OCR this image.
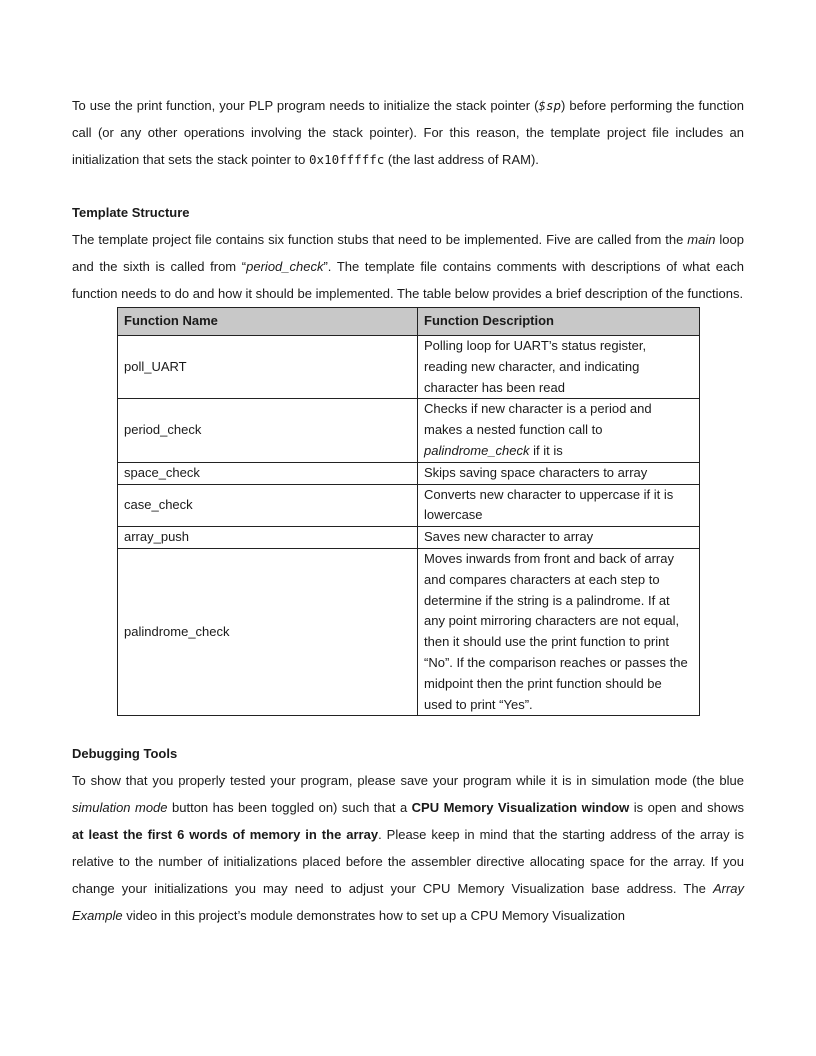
To use the print function, your PLP program needs to initialize the stack pointer ($sp) before performing the function call (or any other operations involving the stack pointer). For this reason, the template project file includes an initialization that sets the stack pointer to 0x10fffffc (the last address of RAM).

Template Structure

The template project file contains six function stubs that need to be implemented. Five are called from the main loop and the sixth is called from “period_check”. The template file contains comments with descriptions of what each function needs to do and how it should be implemented. The table below provides a brief description of the functions.

Function Name	Function Description
poll_UART	Polling loop for UART’s status register, reading new character, and indicating character has been read
period_check	Checks if new character is a period and makes a nested function call to palindrome_check if it is
space_check	Skips saving space characters to array
case_check	Converts new character to uppercase if it is lowercase
array_push	Saves new character to array
palindrome_check	Moves inwards from front and back of array and compares characters at each step to determine if the string is a palindrome. If at any point mirroring characters are not equal, then it should use the print function to print “No”. If the comparison reaches or passes the midpoint then the print function should be used to print “Yes”.

Debugging Tools

To show that you properly tested your program, please save your program while it is in simulation mode (the blue simulation mode button has been toggled on) such that a CPU Memory Visualization window is open and shows at least the first 6 words of memory in the array. Please keep in mind that the starting address of the array is relative to the number of initializations placed before the assembler directive allocating space for the array. If you change your initializations you may need to adjust your CPU Memory Visualization base address. The Array Example video in this project’s module demonstrates how to set up a CPU Memory Visualization
